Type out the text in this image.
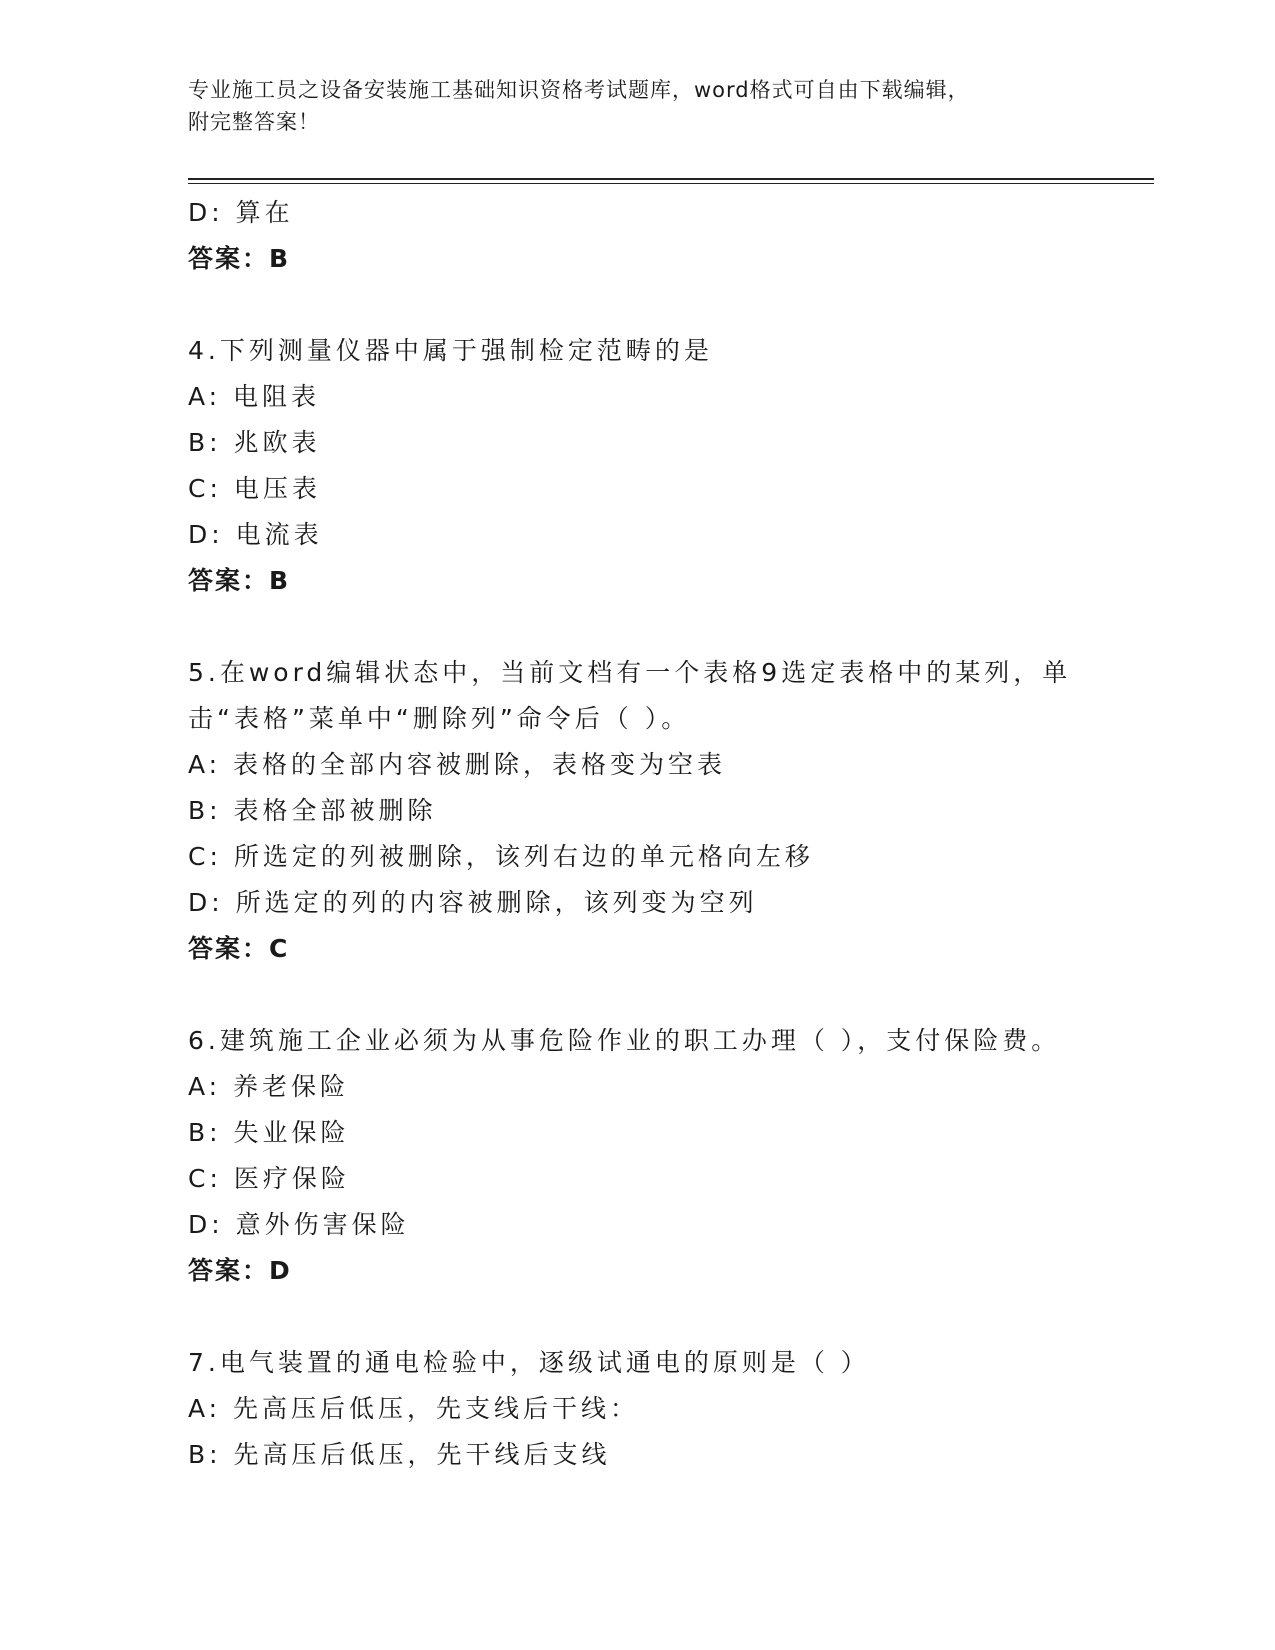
专业施工员之设备安装施工基础知识资格考试题库，word格式可自由下载编辑，
附完整答案！
D: 算在
答案：B
4.下列测量仪器中属于强制检定范畴的是
A: 电阻表
B: 兆欧表
C: 电压表
D: 电流表
答案：B
5.在word编辑状态中，当前文档有一个表格9选定表格中的某列，单
击“表格”菜单中“删除列”命令后（ ）。
A: 表格的全部内容被删除，表格变为空表
B: 表格全部被删除
C: 所选定的列被删除，该列右边的单元格向左移
D: 所选定的列的内容被删除，该列变为空列
答案：C
6.建筑施工企业必须为从事危险作业的职工办理（ ），支付保险费。
A: 养老保险
B: 失业保险
C: 医疗保险
D: 意外伤害保险
答案：D
7.电气装置的通电检验中，逐级试通电的原则是（ ）
A: 先高压后低压，先支线后干线：
B: 先高压后低压，先干线后支线
